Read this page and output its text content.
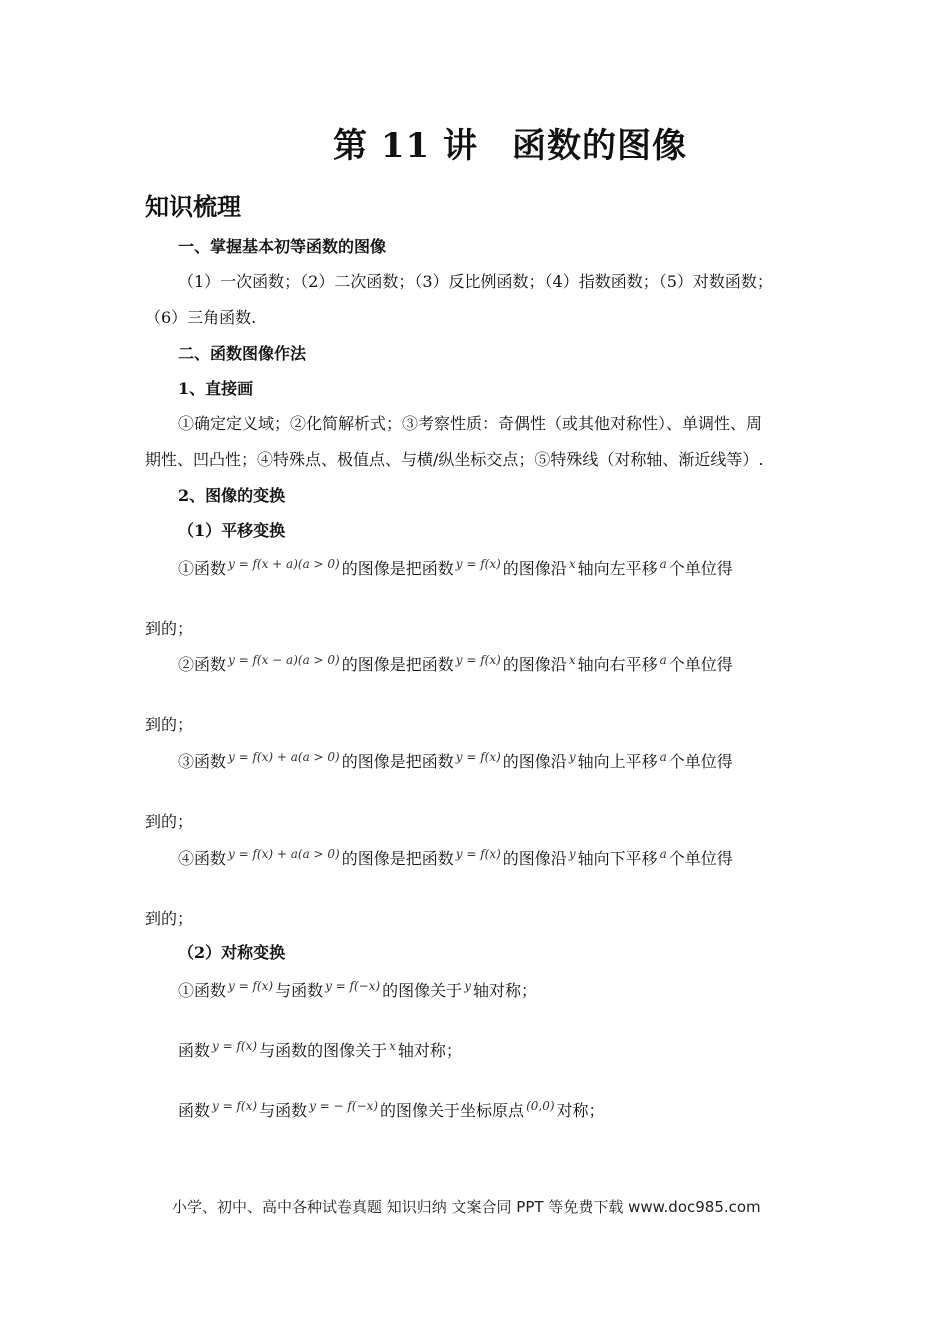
第 11 讲 函数的图像
知识梳理
一、掌握基本初等函数的图像
（1）一次函数；（2）二次函数；（3）反比例函数；（4）指数函数；（5）对数函数；
（6）三角函数.
二、函数图像作法
1、直接画
①确定定义域；②化简解析式；③考察性质：奇偶性（或其他对称性）、单调性、周
期性、凹凸性；④特殊点、极值点、与横/纵坐标交点；⑤特殊线（对称轴、渐近线等）.
2、图像的变换
（1）平移变换
①函数 $^{y = f(x + a)(a > 0)}$ 的图像是把函数 $^{y = f(x)}$ 的图像沿 $^x$ 轴向左平移 $^a$ 个单位得
到的；
②函数 $^{y = f(x - a)(a > 0)}$ 的图像是把函数 $^{y = f(x)}$ 的图像沿 $^x$ 轴向右平移 $^a$ 个单位得
到的；
③函数 $^{y = f(x) + a(a > 0)}$ 的图像是把函数 $^{y = f(x)}$ 的图像沿 $^y$ 轴向上平移 $^a$ 个单位得
到的；
④函数 $^{y = f(x) + a(a > 0)}$ 的图像是把函数 $^{y = f(x)}$ 的图像沿 $^y$ 轴向下平移 $^a$ 个单位得
到的；
（2）对称变换
①函数 $^{y = f(x)}$ 与函数 $^{y = f(-x)}$ 的图像关于 $^y$ 轴对称；
函数 $^{y = f(x)}$ 与函数的图像关于 $^x$ 轴对称；
函数 $^{y = f(x)}$ 与函数 $^{y = - f(-x)}$ 的图像关于坐标原点 $^{(0,0)}$ 对称；
小学、初中、高中各种试卷真题 知识归纳 文案合同 PPT 等免费下载 www.doc985.com
